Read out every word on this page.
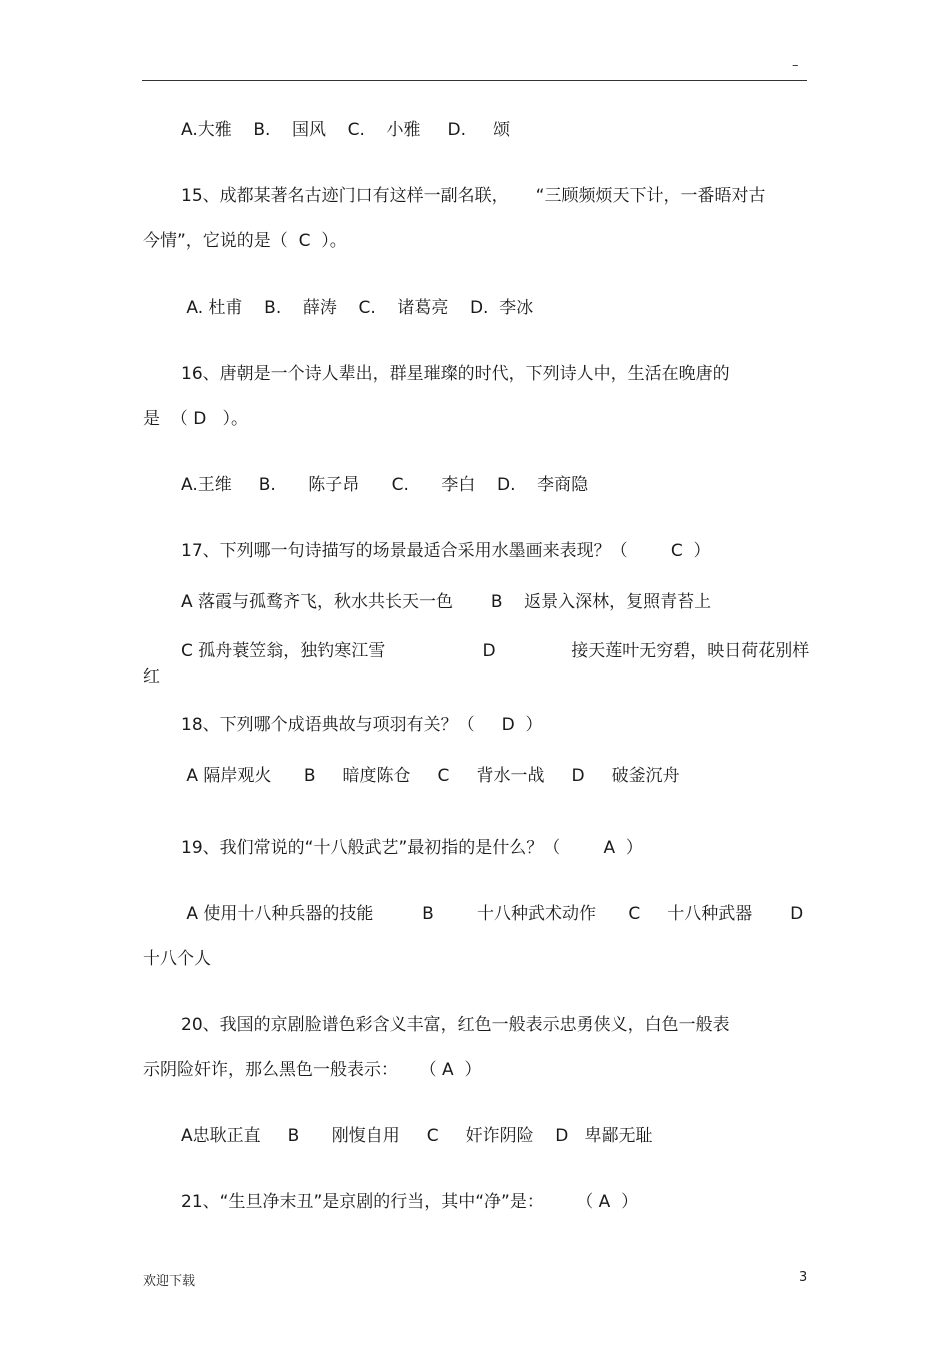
–
A.大雅    B.    国风    C.    小雅     D.     颂
15、成都某著名古迹门口有这样一副名联，     “三顾频烦天下计，一番晤对古
今情”，它说的是（  C  ）。
A. 杜甫    B.    薛涛    C.    诸葛亮    D.  李冰
16、唐朝是一个诗人辈出，群星璀璨的时代，下列诗人中，生活在晚唐的
是  （ D   ）。
A.王维     B.      陈子昂      C.      李白    D.    李商隐
17、下列哪一句诗描写的场景最适合采用水墨画来表现？（        C  ）
A 落霞与孤鹜齐飞，秋水共长天一色       B    返景入深林，复照青苔上
C 孤舟蓑笠翁，独钓寒江雪                  D              接天莲叶无穷碧，映日荷花别样
红
18、下列哪个成语典故与项羽有关？（     D  ）
A 隔岸观火      B     暗度陈仓     C     背水一战     D     破釜沉舟
19、我们常说的“十八般武艺”最初指的是什么？（        A  ）
A 使用十八种兵器的技能         B        十八种武术动作      C     十八种武器       D
十八个人
20、我国的京剧脸谱色彩含义丰富，红色一般表示忠勇侠义，白色一般表
示阴险奸诈，那么黑色一般表示：    （ A  ）
A忠耿正直     B      刚愎自用     C     奸诈阴险    D   卑鄙无耻
21、“生旦净末丑”是京剧的行当，其中“净”是：      （ A  ）
欢迎下载	3
